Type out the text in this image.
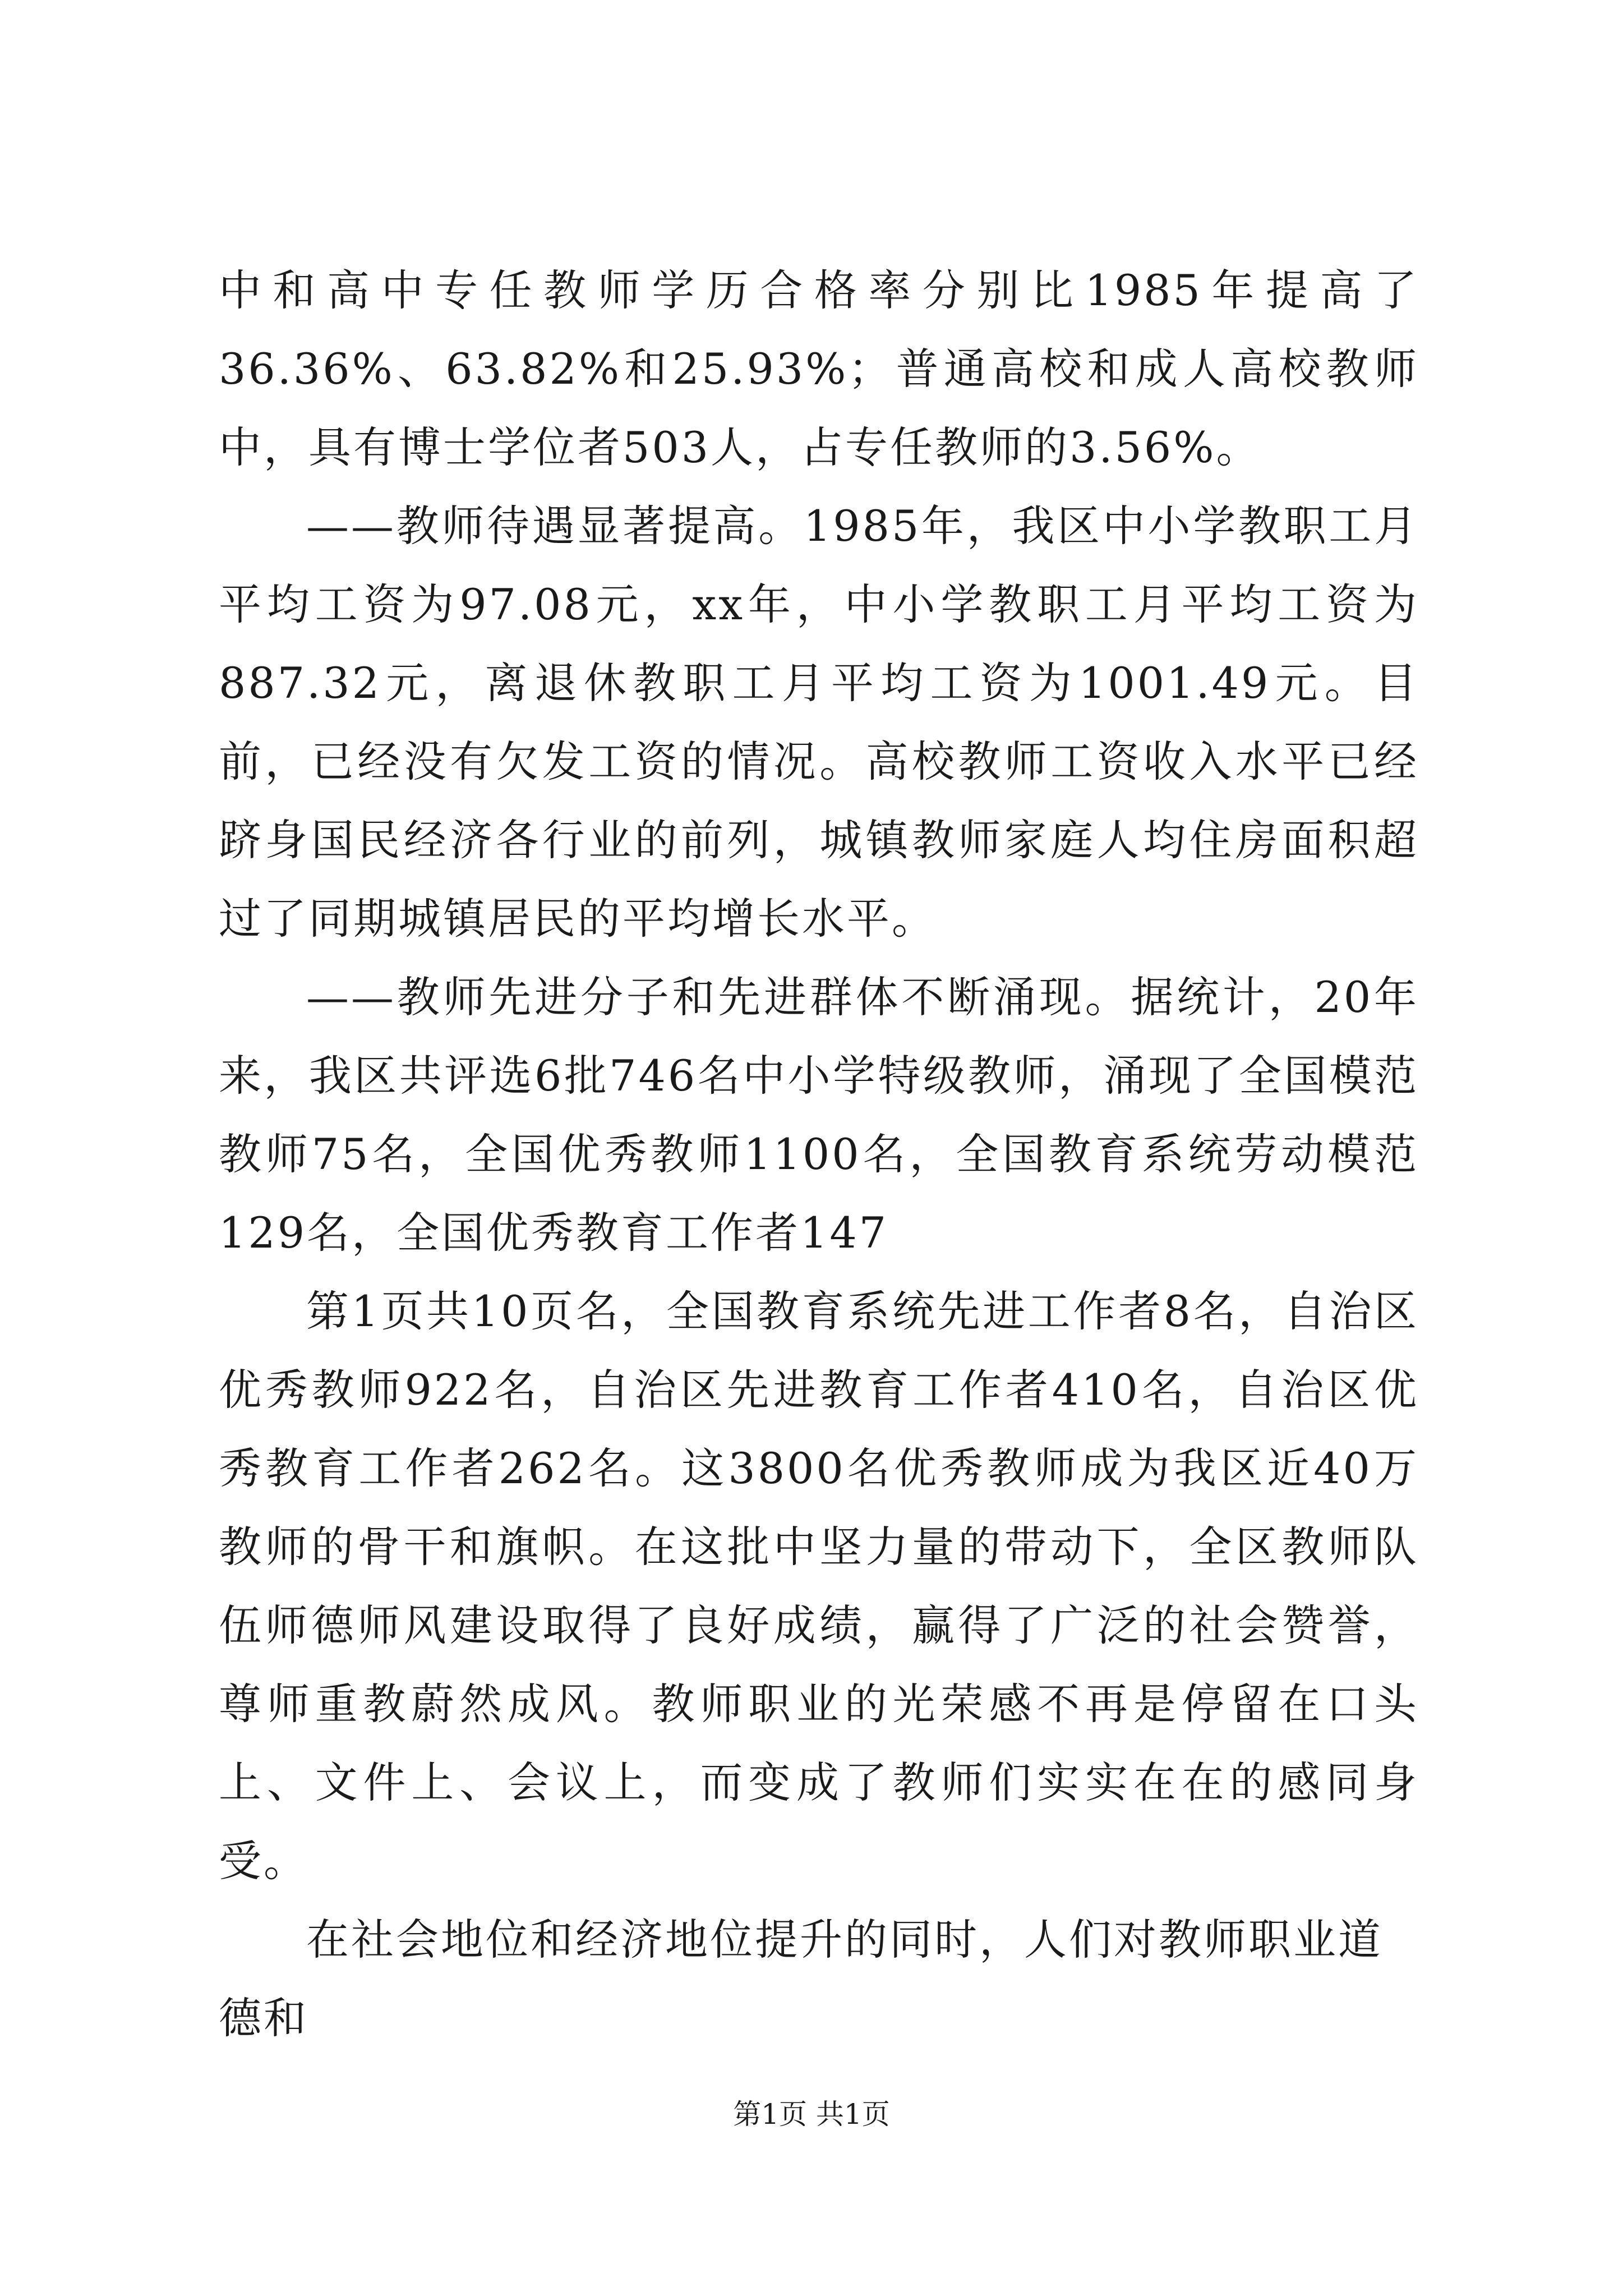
中和高中专任教师学历合格率分别比1985年提高了36.36%、63.82%和25.93%；普通高校和成人高校教师中，具有博士学位者503人，占专任教师的3.56%。

——教师待遇显著提高。1985年，我区中小学教职工月平均工资为97.08元，xx年，中小学教职工月平均工资为887.32元，离退休教职工月平均工资为1001.49元。目前，已经没有欠发工资的情况。高校教师工资收入水平已经跻身国民经济各行业的前列，城镇教师家庭人均住房面积超过了同期城镇居民的平均增长水平。

——教师先进分子和先进群体不断涌现。据统计，20年来，我区共评选6批746名中小学特级教师，涌现了全国模范教师75名，全国优秀教师1100名，全国教育系统劳动模范129名，全国优秀教育工作者147

第1页共10页名，全国教育系统先进工作者8名，自治区优秀教师922名，自治区先进教育工作者410名，自治区优秀教育工作者262名。这3800名优秀教师成为我区近40万教师的骨干和旗帜。在这批中坚力量的带动下，全区教师队伍师德师风建设取得了良好成绩，赢得了广泛的社会赞誉，尊师重教蔚然成风。教师职业的光荣感不再是停留在口头上、文件上、会议上，而变成了教师们实实在在的感同身受。

在社会地位和经济地位提升的同时，人们对教师职业道德和

第1页 共1页
